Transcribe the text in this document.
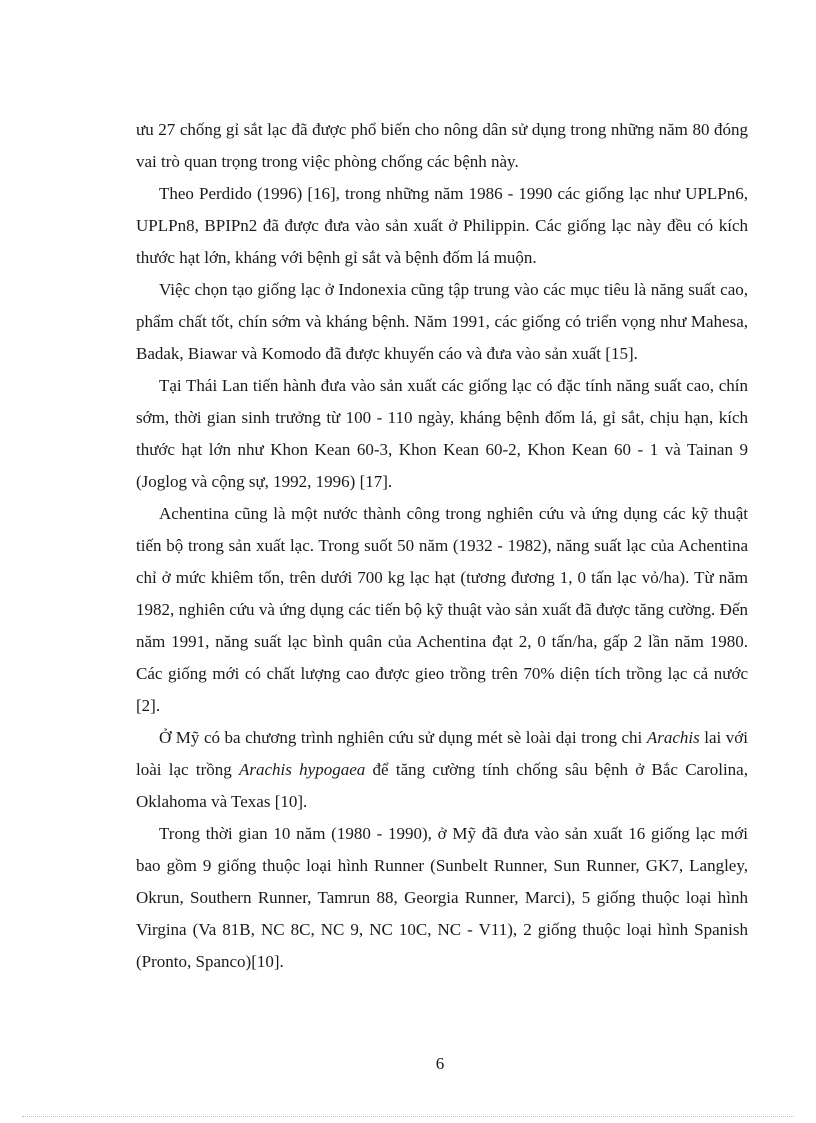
ưu 27 chống gỉ sắt lạc đã được phổ biến cho nông dân sử dụng trong những năm 80 đóng vai trò quan trọng trong việc phòng chống các bệnh này.

Theo Perdido (1996) [16], trong những năm 1986 - 1990 các giống lạc như UPLPn6, UPLPn8, BPIPn2 đã được đưa vào sản xuất ở Philippin. Các giống lạc này đều có kích thước hạt lớn, kháng với bệnh gỉ sắt và bệnh đốm lá muộn.

Việc chọn tạo giống lạc ở Indonexia cũng tập trung vào các mục tiêu là năng suất cao, phẩm chất tốt, chín sớm và kháng bệnh. Năm 1991, các giống có triển vọng như Mahesa, Badak, Biawar và Komodo đã được khuyến cáo và đưa vào sản xuất [15].

Tại Thái Lan tiến hành đưa vào sản xuất các giống lạc có đặc tính năng suất cao, chín sớm, thời gian sinh trưởng từ 100 - 110 ngày, kháng bệnh đốm lá, gỉ sắt, chịu hạn, kích thước hạt lớn như Khon Kean 60-3, Khon Kean 60-2, Khon Kean 60 - 1 và Tainan 9 (Joglog và cộng sự, 1992, 1996) [17].

Achentina cũng là một nước thành công trong nghiên cứu và ứng dụng các kỹ thuật tiến bộ trong sản xuất lạc. Trong suốt 50 năm (1932 - 1982), năng suất lạc của Achentina chỉ ở mức khiêm tốn, trên dưới 700 kg lạc hạt (tương đương 1, 0 tấn lạc vỏ/ha). Từ năm 1982, nghiên cứu và ứng dụng các tiến bộ kỹ thuật vào sản xuất đã được tăng cường. Đến năm 1991, năng suất lạc bình quân của Achentina đạt 2, 0 tấn/ha, gấp 2 lần năm 1980. Các giống mới có chất lượng cao được gieo trồng trên 70% diện tích trồng lạc cả nước [2].

Ở Mỹ có ba chương trình nghiên cứu sử dụng mét sè loài dại trong chi Arachis lai với loài lạc trồng Arachis hypogaea để tăng cường tính chống sâu bệnh ở Bắc Carolina, Oklahoma và Texas [10].

Trong thời gian 10 năm (1980 - 1990), ở Mỹ đã đưa vào sản xuất 16 giống lạc mới bao gồm 9 giống thuộc loại hình Runner (Sunbelt Runner, Sun Runner, GK7, Langley, Okrun, Southern Runner, Tamrun 88, Georgia Runner, Marci), 5 giống thuộc loại hình Virgina (Va 81B, NC 8C, NC 9, NC 10C, NC - V11), 2 giống thuộc loại hình Spanish (Pronto, Spanco)[10].

6
